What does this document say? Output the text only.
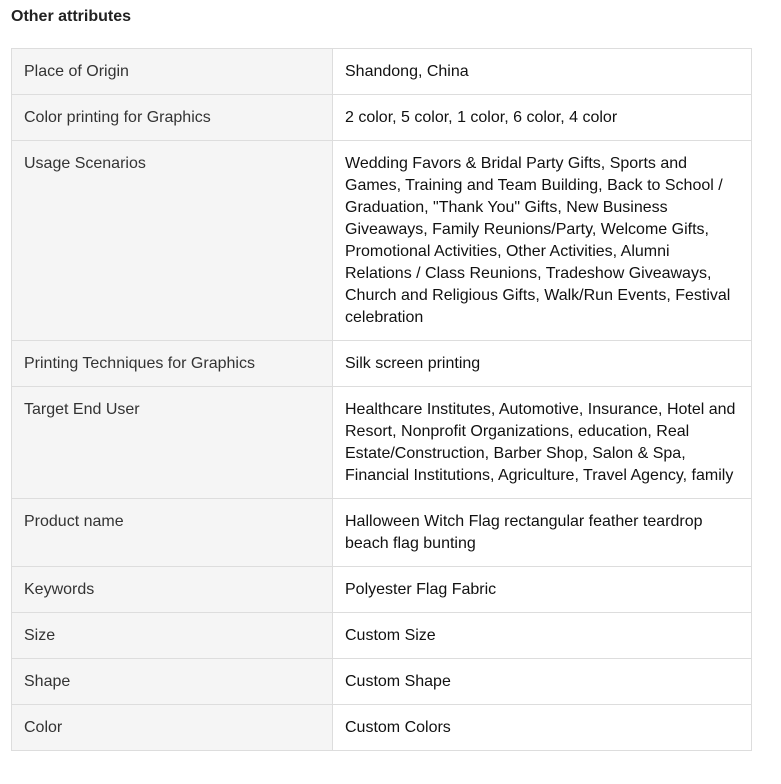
Other attributes
Place of Origin	Shandong, China
Color printing for Graphics	2 color, 5 color, 1 color, 6 color, 4 color
Usage Scenarios	Wedding Favors & Bridal Party Gifts, Sports and Games, Training and Team Building, Back to School / Graduation, "Thank You" Gifts, New Business Giveaways, Family Reunions/Party, Welcome Gifts, Promotional Activities, Other Activities, Alumni Relations / Class Reunions, Tradeshow Giveaways, Church and Religious Gifts, Walk/Run Events, Festival celebration
Printing Techniques for Graphics	Silk screen printing
Target End User	Healthcare Institutes, Automotive, Insurance, Hotel and Resort, Nonprofit Organizations, education, Real Estate/Construction, Barber Shop, Salon & Spa, Financial Institutions, Agriculture, Travel Agency, family
Product name	Halloween Witch Flag rectangular feather teardrop beach flag bunting
Keywords	Polyester Flag Fabric
Size	Custom Size
Shape	Custom Shape
Color	Custom Colors
